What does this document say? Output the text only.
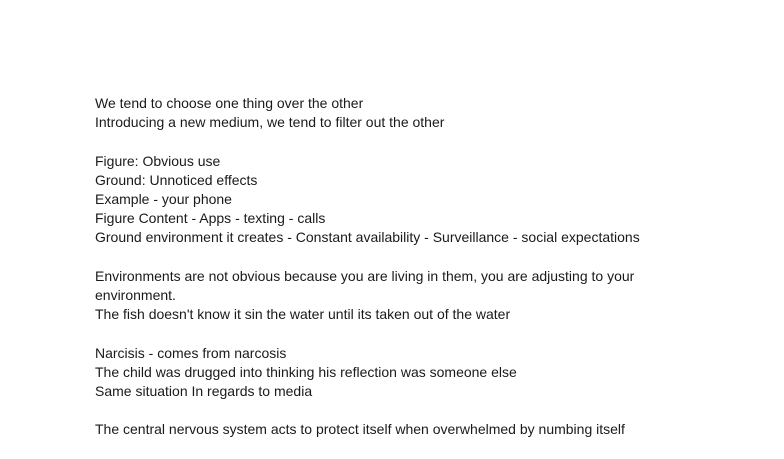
We tend to choose one thing over the other
Introducing a new medium, we tend to filter out the other
Figure: Obvious use
Ground: Unnoticed effects
Example - your phone
Figure Content - Apps - texting - calls
Ground environment it creates - Constant availability - Surveillance - social expectations
Environments are not obvious because you are living in them, you are adjusting to your environment.
The fish doesn't know it sin the water until its taken out of the water
Narcisis - comes from narcosis
The child was drugged into thinking his reflection was someone else
Same situation In regards to media
The central nervous system acts to protect itself when overwhelmed by numbing itself
